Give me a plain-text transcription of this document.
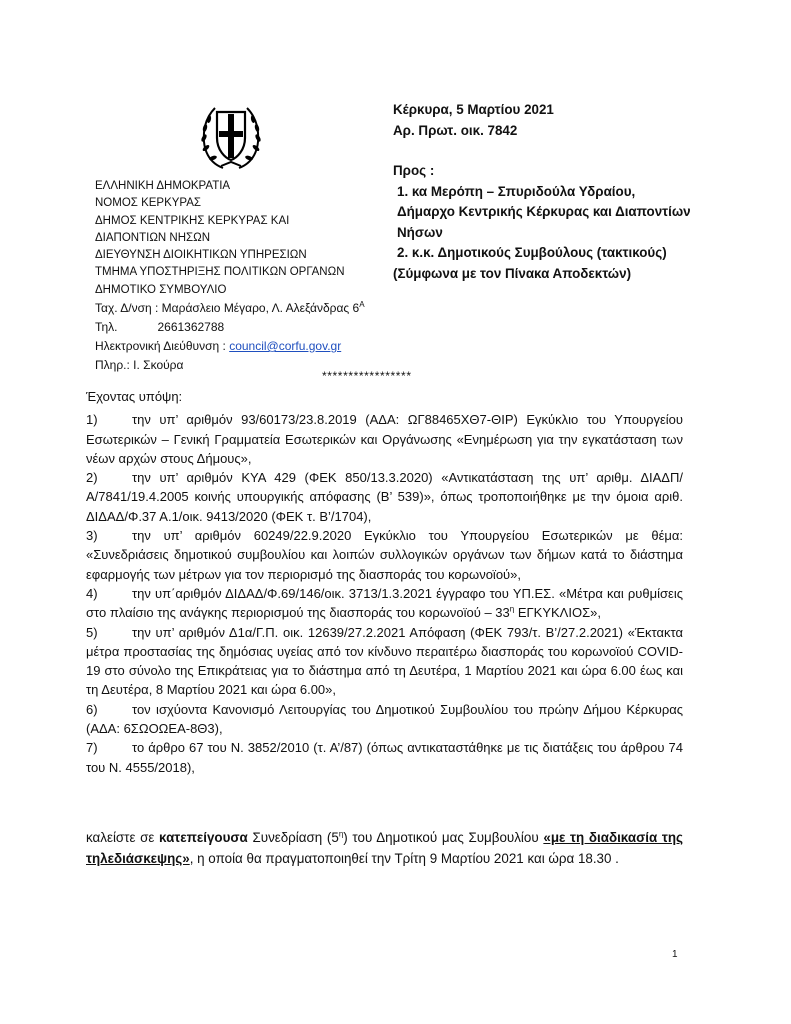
ΕΛΛΗΝΙΚΗ ΔΗΜΟΚΡΑΤΙΑ
ΝΟΜΟΣ ΚΕΡΚΥΡΑΣ
ΔΗΜΟΣ ΚΕΝΤΡΙΚΗΣ ΚΕΡΚΥΡΑΣ ΚΑΙ
ΔΙΑΠΟΝΤΙΩΝ ΝΗΣΩΝ
ΔΙΕΥΘΥΝΣΗ ΔΙΟΙΚΗΤΙΚΩΝ ΥΠΗΡΕΣΙΩΝ
ΤΜΗΜΑ ΥΠΟΣΤΗΡΙΞΗΣ ΠΟΛΙΤΙΚΩΝ ΟΡΓΑΝΩΝ
ΔΗΜΟΤΙΚΟ ΣΥΜΒΟΥΛΙΟ
Ταχ. Δ/νση : Μαράσλειο Μέγαρο, Λ. Αλεξάνδρας $6^A$
Τηλ.	2661362788
Ηλεκτρονική Διεύθυνση : council@corfu.gov.gr
Πληρ.: Ι. Σκούρα
Κέρκυρα, 5 Μαρτίου 2021
Αρ. Πρωτ. οικ. 7842
Προς :
1. κα Μερόπη – Σπυριδούλα Υδραίου,
Δήμαρχο Κεντρικής Κέρκυρας και Διαποντίων
Νήσων
2. κ.κ. Δημοτικούς Συμβούλους (τακτικούς)
(Σύμφωνα με τον Πίνακα Αποδεκτών)
*****************

Έχοντας υπόψη:

1)	την υπ’ αριθμόν 93/60173/23.8.2019 (ΑΔΑ: ΩΓ88465ΧΘ7-ΘΙΡ) Εγκύκλιο του Υπουργείου Εσωτερικών – Γενική Γραμματεία Εσωτερικών και Οργάνωσης «Ενημέρωση για την εγκατάσταση των νέων αρχών στους Δήμους»,

2)	την υπ’ αριθμόν ΚΥΑ 429 (ΦΕΚ 850/13.3.2020) «Αντικατάσταση της υπ’ αριθμ. ΔΙΑΔΠ/Α/7841/19.4.2005 κοινής υπουργικής απόφασης (Β’ 539)», όπως τροποποιήθηκε με την όμοια αριθ. ΔΙΔΑΔ/Φ.37 Α.1/οικ. 9413/2020 (ΦΕΚ τ. Β’/1704),

3)	την υπ’ αριθμόν 60249/22.9.2020 Εγκύκλιο του Υπουργείου Εσωτερικών με θέμα: «Συνεδριάσεις δημοτικού συμβουλίου και λοιπών συλλογικών οργάνων των δήμων κατά το διάστημα εφαρμογής των μέτρων για τον περιορισμό της διασποράς του κορωνοϊού»,

4)	την υπ΄αριθμόν ΔΙΔΑΔ/Φ.69/146/οικ. 3713/1.3.2021 έγγραφο του ΥΠ.ΕΣ. «Μέτρα και ρυθμίσεις στο πλαίσιο της ανάγκης περιορισμού της διασποράς του κορωνοϊού – $33^\eta$ ΕΓΚΥΚΛΙΟΣ»,

5)	την υπ’ αριθμόν Δ1α/Γ.Π. οικ. 12639/27.2.2021 Απόφαση (ΦΕΚ 793/τ. Β’/27.2.2021) «Έκτακτα μέτρα προστασίας της δημόσιας υγείας από τον κίνδυνο περαιτέρω διασποράς του κορωνοϊού COVID-19 στο σύνολο της Επικράτειας για το διάστημα από τη Δευτέρα, 1 Μαρτίου 2021 και ώρα 6.00 έως και τη Δευτέρα, 8 Μαρτίου 2021 και ώρα 6.00»,

6)	τον ισχύοντα Κανονισμό Λειτουργίας του Δημοτικού Συμβουλίου του πρώην Δήμου Κέρκυρας (ΑΔΑ: 6ΣΩΟΩΕΑ-8Θ3),

7)	το άρθρο 67 του Ν. 3852/2010 (τ. Α’/87) (όπως αντικαταστάθηκε με τις διατάξεις του άρθρου 74 του Ν. 4555/2018),

καλείστε σε κατεπείγουσα Συνεδρίαση $(5^\eta)$ του Δημοτικού μας Συμβουλίου «με τη διαδικασία της τηλεδιάσκεψης», η οποία θα πραγματοποιηθεί την Τρίτη 9 Μαρτίου 2021 και ώρα 18.30 .

1
